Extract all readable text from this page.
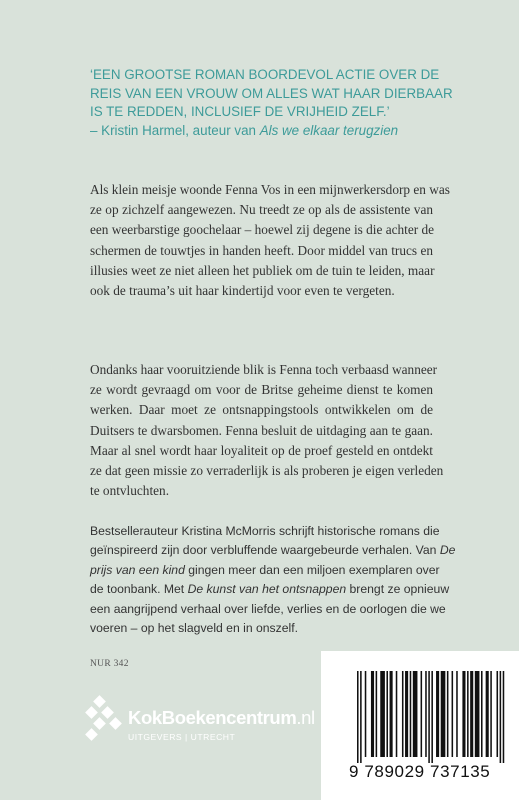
‘EEN GROOTSE ROMAN BOORDEVOL ACTIE OVER DE
REIS VAN EEN VROUW OM ALLES WAT HAAR DIERBAAR
IS TE REDDEN, INCLUSIEF DE VRIJHEID ZELF.’
– Kristin Harmel, auteur van Als we elkaar terugzien
Als klein meisje woonde Fenna Vos in een mijnwerkersdorp en was
ze op zichzelf aangewezen. Nu treedt ze op als de assistente van
een weerbarstige goochelaar – hoewel zij degene is die achter de
schermen de touwtjes in handen heeft. Door middel van trucs en
illusies weet ze niet alleen het publiek om de tuin te leiden, maar
ook de trauma’s uit haar kindertijd voor even te vergeten.
Ondanks haar vooruitziende blik is Fenna toch verbaasd wanneer
ze wordt gevraagd om voor de Britse geheime dienst te komen
werken. Daar moet ze ontsnappingstools ontwikkelen om de
Duitsers te dwarsbomen. Fenna besluit de uitdaging aan te gaan.
Maar al snel wordt haar loyaliteit op de proef gesteld en ontdekt
ze dat geen missie zo verraderlijk is als proberen je eigen verleden
te ontvluchten.
Bestsellerauteur Kristina McMorris schrijft historische romans die
geïnspireerd zijn door verbluffende waargebeurde verhalen. Van De
prijs van een kind gingen meer dan een miljoen exemplaren over
de toonbank. Met De kunst van het ontsnappen brengt ze opnieuw
een aangrijpend verhaal over liefde, verlies en de oorlogen die we
voeren – op het slagveld en in onszelf.
NUR 342
KokBoekencentrum.nl
UITGEVERS | UTRECHT
9 789029 737135
